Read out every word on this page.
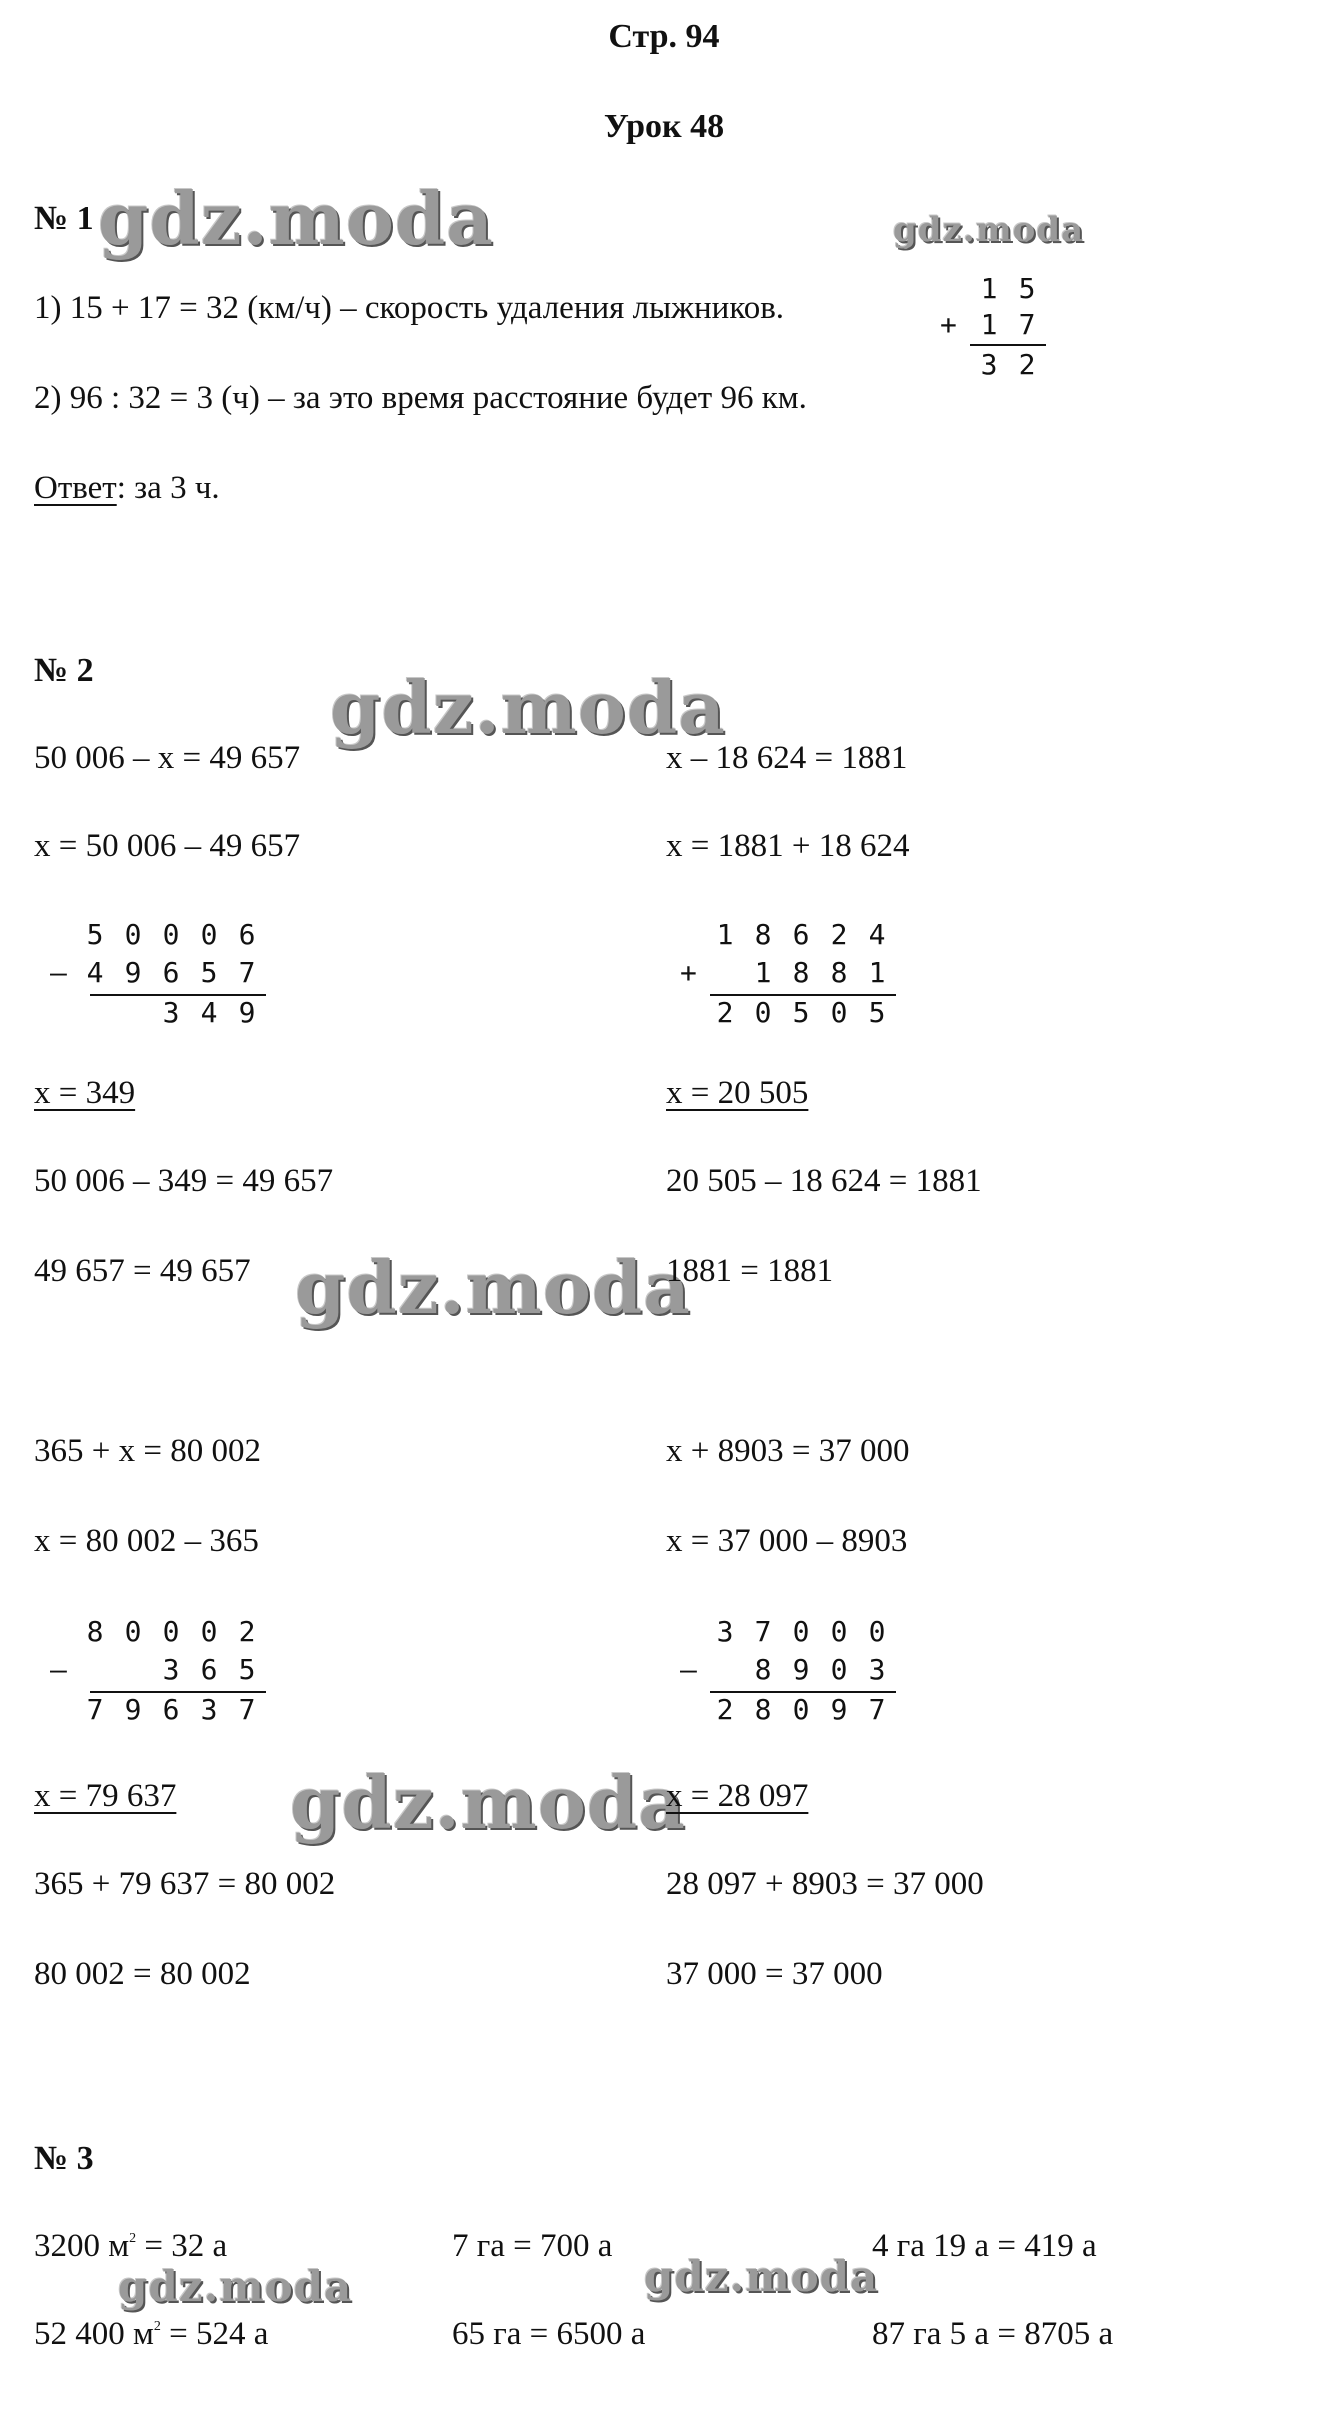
Стр. 94
Урок 48
№ 1 gdz.moda	gdz.moda
1) 15 + 17 = 32 (км/ч) – скорость удаления лыжников.
2) 96 : 32 = 3 (ч) – за это время расстояние будет 96 км.
Ответ: за 3 ч.
1 5
+ 1 7
3 2
№ 2	gdz.moda
50 006 – x = 49 657
x = 50 006 – 49 657
5 0 0 0 6
– 4 9 6 5 7
3 4 9
x = 349
50 006 – 349 = 49 657
49 657 = 49 657 gdz.moda
x – 18 624 = 1881
x = 1881 + 18 624
1 8 6 2 4
+	1 8 8 1
2 0 5 0 5
x = 20 505
20 505 – 18 624 = 1881
1881 = 1881
365 + x = 80 002
x = 80 002 – 365
8 0 0 0 2
–	3 6 5
7 9 6 3 7
x = 79 637 gdz.moda
365 + 79 637 = 80 002
80 002 = 80 002
x + 8903 = 37 000
x = 37 000 – 8903
3 7 0 0 0
–	8 9 0 3
2 8 0 9 7
x = 28 097
28 097 + 8903 = 37 000
37 000 = 37 000
№ 3
3200 $м^2 = 32$ а	7 га = 700 а	4 га 19 а = 419 а
gdz.moda	gdz.moda
52 400 $м^2 = 524$ а	65 га = 6500 а	87 га 5 а = 8705 а
